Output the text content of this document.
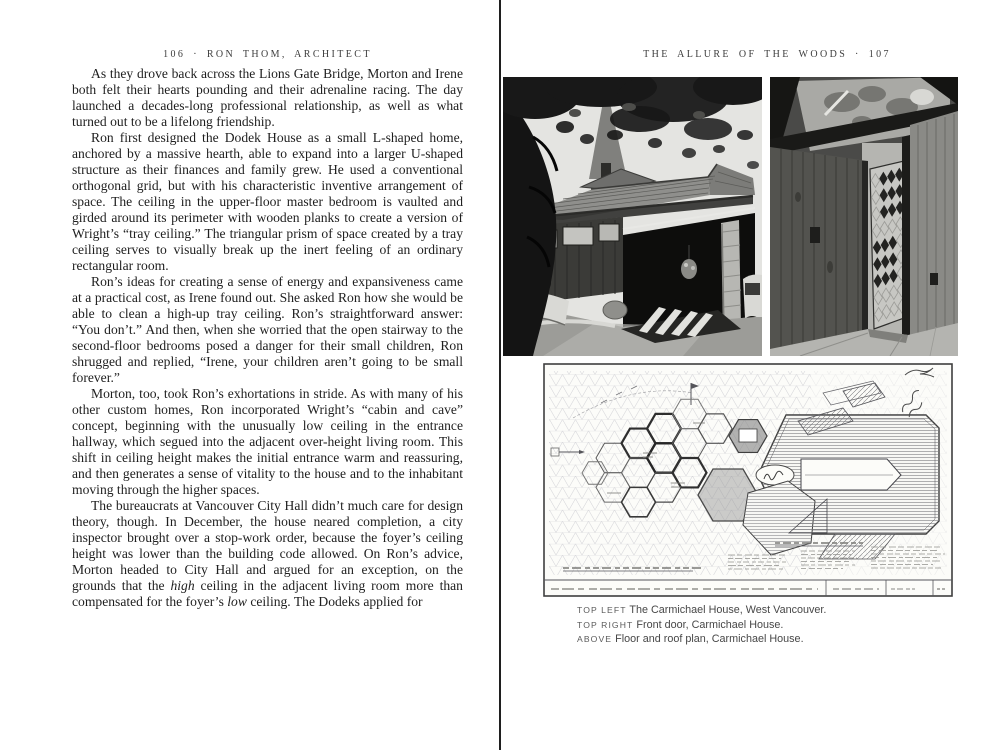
106 · RON THOM, ARCHITECT

As they drove back across the Lions Gate Bridge, Morton and Irene both felt their hearts pounding and their adrenaline racing. The day launched a decades-long professional relationship, as well as what turned out to be a lifelong friendship.

Ron first designed the Dodek House as a small L-shaped home, anchored by a massive hearth, able to expand into a larger U-shaped structure as their finances and family grew. He used a conventional orthogonal grid, but with his characteristic inventive arrangement of space. The ceiling in the upper-floor master bedroom is vaulted and girded around its perimeter with wooden planks to create a version of Wright’s “tray ceiling.” The triangular prism of space created by a tray ceiling serves to visually break up the inert feeling of an ordinary rectangular room.

Ron’s ideas for creating a sense of energy and expansiveness came at a practical cost, as Irene found out. She asked Ron how she would be able to clean a high-up tray ceiling. Ron’s straightforward answer: “You don’t.” And then, when she worried that the open stairway to the second-floor bedrooms posed a danger for their small children, Ron shrugged and replied, “Irene, your children aren’t going to be small forever.”

Morton, too, took Ron’s exhortations in stride. As with many of his other custom homes, Ron incorporated Wright’s “cabin and cave” concept, beginning with the unusually low ceiling in the entrance hallway, which segued into the adjacent over-height living room. This shift in ceiling height makes the initial entrance warm and reassuring, and then generates a sense of vitality to the house and to the inhabitant moving through the higher spaces.

The bureaucrats at Vancouver City Hall didn’t much care for design theory, though. In December, the house neared completion, a city inspector brought over a stop-work order, because the foyer’s ceiling height was lower than the building code allowed. On Ron’s advice, Morton headed to City Hall and argued for an exception, on the grounds that the high ceiling in the adjacent living room more than compensated for the foyer’s low ceiling. The Dodeks applied for

THE ALLURE OF THE WOODS · 107
TOP LEFT The Carmichael House, West Vancouver.
TOP RIGHT Front door, Carmichael House.
ABOVE Floor and roof plan, Carmichael House.
